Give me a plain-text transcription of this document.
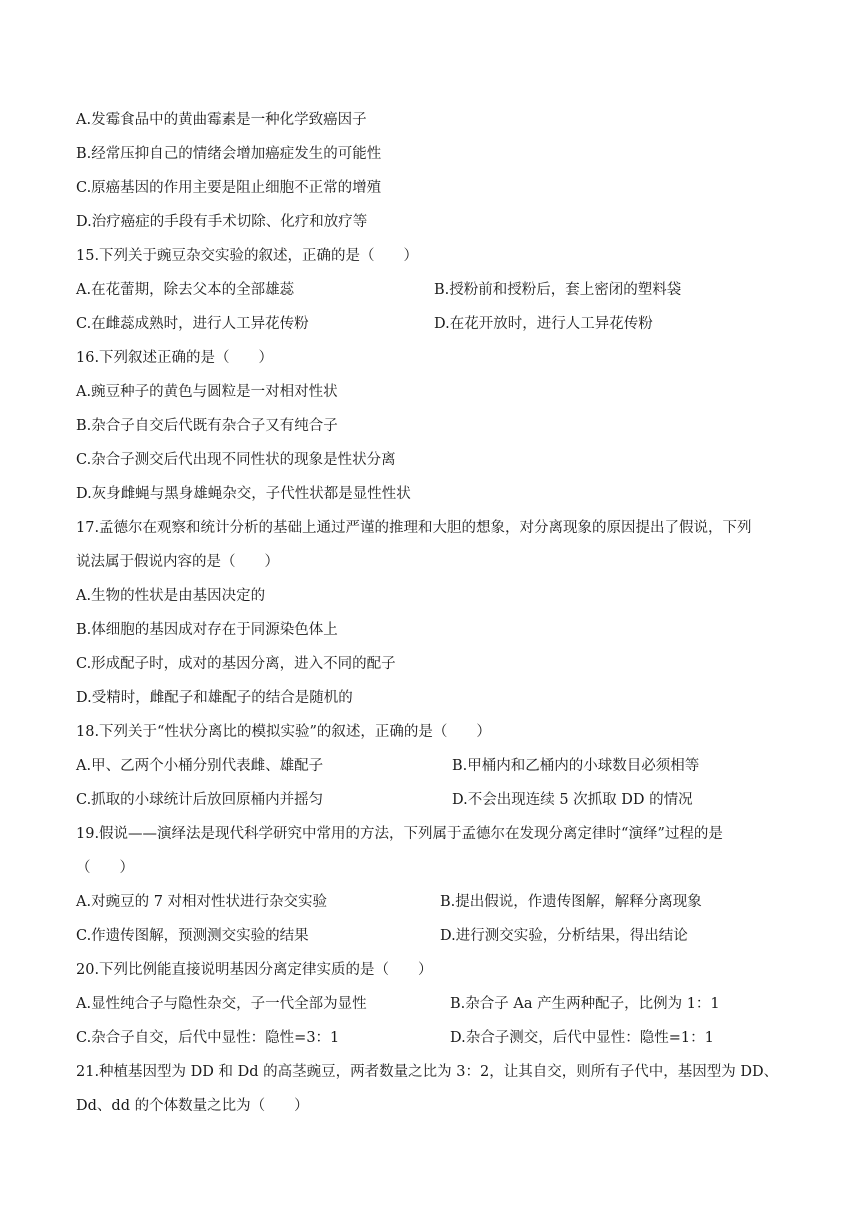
A.发霉食品中的黄曲霉素是一种化学致癌因子
B.经常压抑自己的情绪会增加癌症发生的可能性
C.原癌基因的作用主要是阻止细胞不正常的增殖
D.治疗癌症的手段有手术切除、化疗和放疗等
15.下列关于豌豆杂交实验的叙述，正确的是（　　）
A.在花蕾期，除去父本的全部雄蕊	B.授粉前和授粉后，套上密闭的塑料袋
C.在雌蕊成熟时，进行人工异花传粉	D.在花开放时，进行人工异花传粉
16.下列叙述正确的是（　　）
A.豌豆种子的黄色与圆粒是一对相对性状
B.杂合子自交后代既有杂合子又有纯合子
C.杂合子测交后代出现不同性状的现象是性状分离
D.灰身雌蝇与黑身雄蝇杂交，子代性状都是显性性状
17.孟德尔在观察和统计分析的基础上通过严谨的推理和大胆的想象，对分离现象的原因提出了假说，下列
说法属于假说内容的是（　　）
A.生物的性状是由基因决定的
B.体细胞的基因成对存在于同源染色体上
C.形成配子时，成对的基因分离，进入不同的配子
D.受精时，雌配子和雄配子的结合是随机的
18.下列关于“性状分离比的模拟实验”的叙述，正确的是（　　）
A.甲、乙两个小桶分别代表雌、雄配子	B.甲桶内和乙桶内的小球数目必须相等
C.抓取的小球统计后放回原桶内并摇匀	D.不会出现连续 5 次抓取 DD 的情况
19.假说——演绎法是现代科学研究中常用的方法，下列属于孟德尔在发现分离定律时“演绎”过程的是
（　　）
A.对豌豆的 7 对相对性状进行杂交实验	B.提出假说，作遗传图解，解释分离现象
C.作遗传图解，预测测交实验的结果	D.进行测交实验，分析结果，得出结论
20.下列比例能直接说明基因分离定律实质的是（　　）
A.显性纯合子与隐性杂交，子一代全部为显性	B.杂合子 Aa 产生两种配子，比例为 1：1
C.杂合子自交，后代中显性：隐性=3：1	D.杂合子测交，后代中显性：隐性=1：1
21.种植基因型为 DD 和 Dd 的高茎豌豆，两者数量之比为 3：2，让其自交，则所有子代中，基因型为 DD、
Dd、dd 的个体数量之比为（　　）
